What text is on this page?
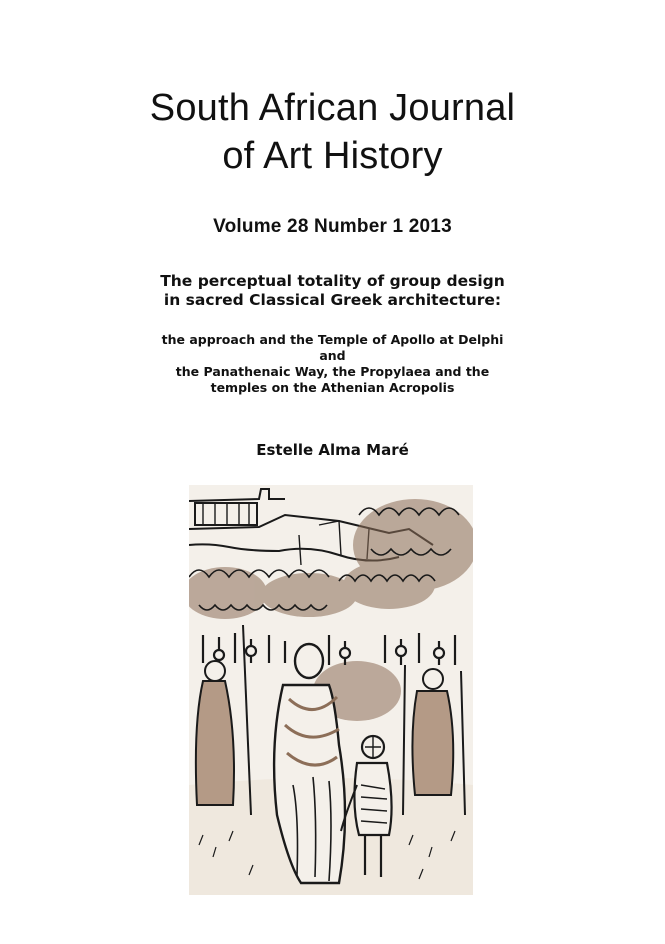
South African Journal
of Art History
Volume 28 Number 1 2013
The perceptual totality of group design
in sacred Classical Greek architecture:
the approach and the Temple of Apollo at Delphi
and
the Panathenaic Way, the Propylaea and the
temples on the Athenian Acropolis
Estelle Alma Maré
